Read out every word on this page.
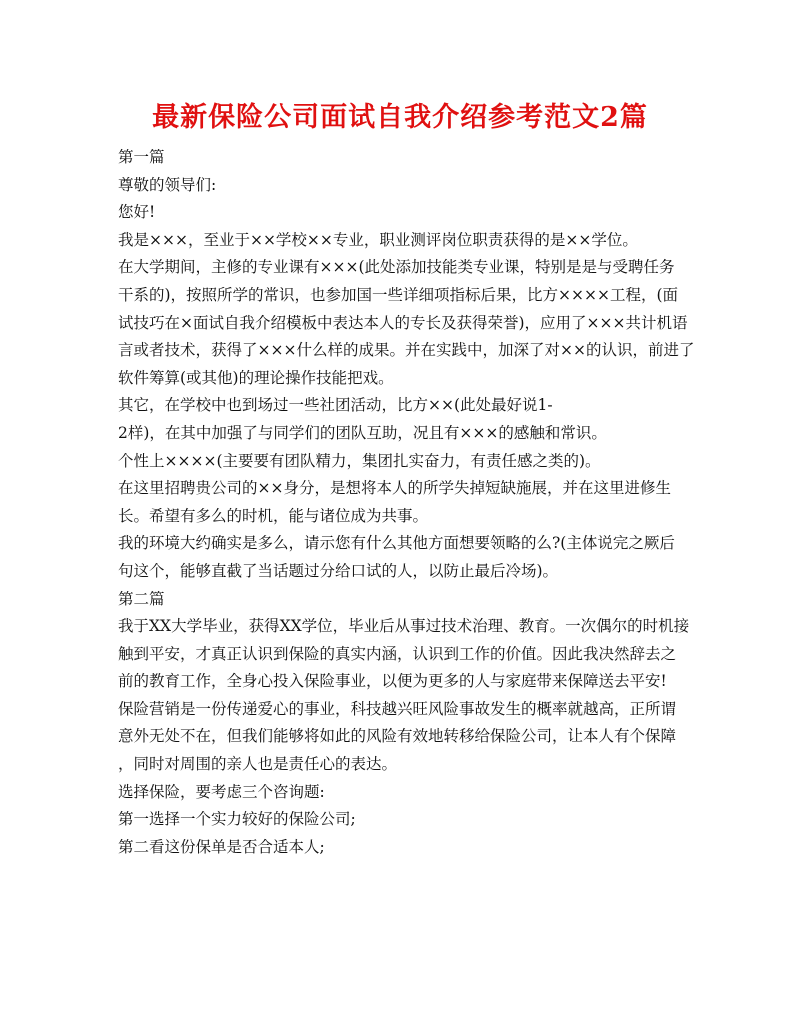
最新保险公司面试自我介绍参考范文2篇
第一篇
尊敬的领导们:
您好!
我是×××，至业于××学校××专业，职业测评岗位职责获得的是××学位。
在大学期间，主修的专业课有×××(此处添加技能类专业课，特别是是与受聘任务
干系的)，按照所学的常识，也参加国一些详细项指标后果，比方××××工程，(面
试技巧在×面试自我介绍模板中表达本人的专长及获得荣誉)，应用了×××共计机语
言或者技术，获得了×××什么样的成果。并在实践中，加深了对××的认识，前进了
软件筹算(或其他)的理论操作技能把戏。
其它，在学校中也到场过一些社团活动，比方××(此处最好说1-
2样)，在其中加强了与同学们的团队互助，况且有×××的感触和常识。
个性上××××(主要要有团队精力，集团扎实奋力，有责任感之类的)。
在这里招聘贵公司的××身分，是想将本人的所学失掉短缺施展，并在这里进修生
长。希望有多么的时机，能与诸位成为共事。
我的环境大约确实是多么，请示您有什么其他方面想要领略的么?(主体说完之厥后
句这个，能够直截了当话题过分给口试的人，以防止最后冷场)。
第二篇
我于XX大学毕业，获得XX学位，毕业后从事过技术治理、教育。一次偶尔的时机接
触到平安，才真正认识到保险的真实内涵，认识到工作的价值。因此我决然辞去之
前的教育工作，全身心投入保险事业，以便为更多的人与家庭带来保障送去平安!
保险营销是一份传递爱心的事业，科技越兴旺风险事故发生的概率就越高，正所谓
意外无处不在，但我们能够将如此的风险有效地转移给保险公司，让本人有个保障
，同时对周围的亲人也是责任心的表达。
选择保险，要考虑三个咨询题:
第一选择一个实力较好的保险公司;
第二看这份保单是否合适本人;
